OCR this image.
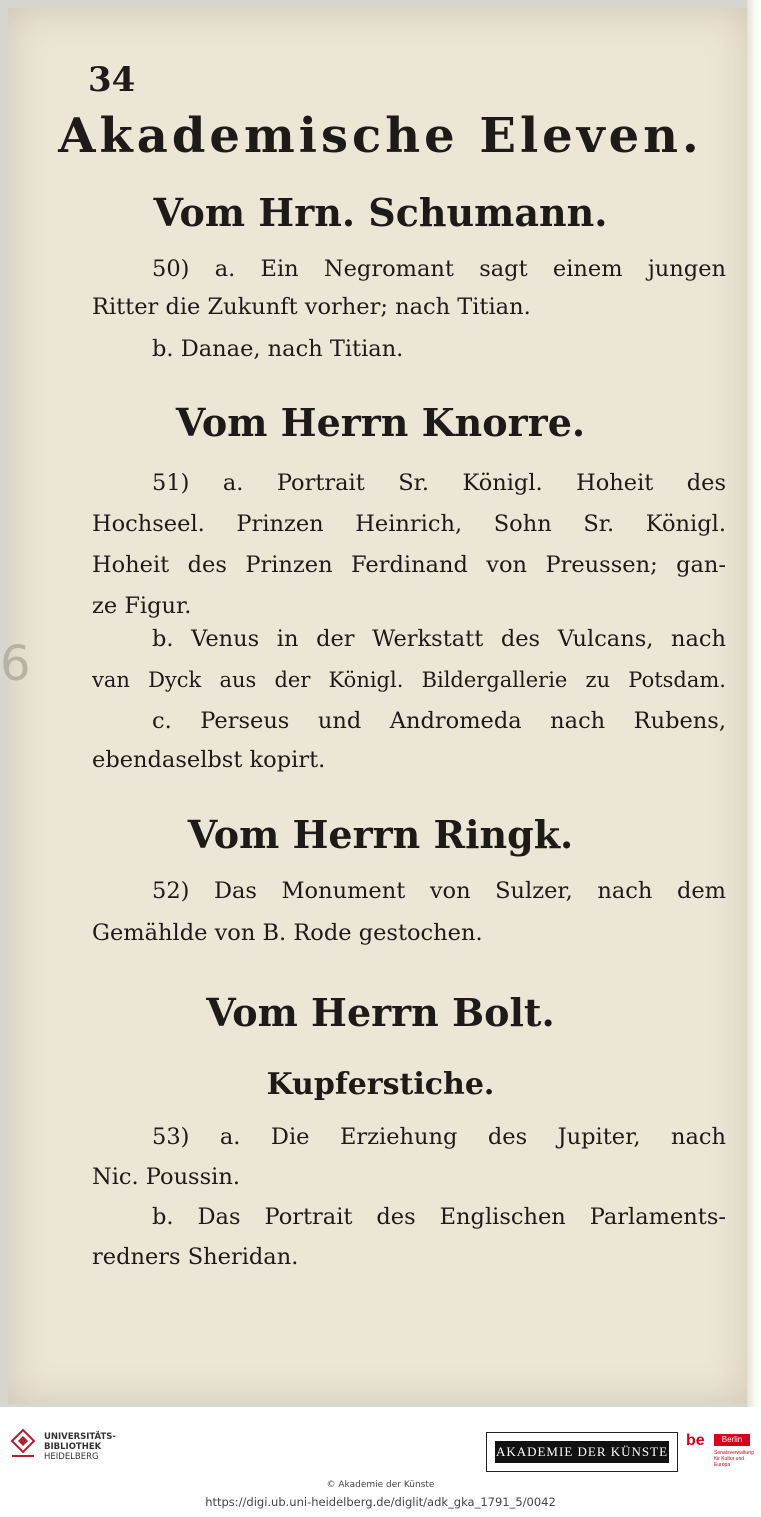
6
34
Akademische Eleven.
Vom Hrn. Schumann.
50) a. Ein Negromant sagt einem jungen
Ritter die Zukunft vorher; nach Titian.
b. Danae, nach Titian.
Vom Herrn Knorre.
51) a. Portrait Sr. Königl. Hoheit des
Hochseel. Prinzen Heinrich, Sohn Sr. Königl.
Hoheit des Prinzen Ferdinand von Preussen; gan-
ze Figur.
b. Venus in der Werkstatt des Vulcans, nach
van Dyck aus der Königl. Bildergallerie zu Potsdam.
c. Perseus und Andromeda nach Rubens,
ebendaselbst kopirt.
Vom Herrn Ringk.
52) Das Monument von Sulzer, nach dem
Gemählde von B. Rode gestochen.
Vom Herrn Bolt.
Kupferstiche.
53) a. Die Erziehung des Jupiter, nach
Nic. Poussin.
b. Das Portrait des Englischen Parlaments-
redners Sheridan.
UNIVERSITÄTS-
BIBLIOTHEK
HEIDELBERG	AKADEMIE DER KÜNSTE
be	Berlin
Senatsverwaltung
für Kultur und Europa
© Akademie der Künste
https://digi.ub.uni-heidelberg.de/diglit/adk_gka_1791_5/0042
